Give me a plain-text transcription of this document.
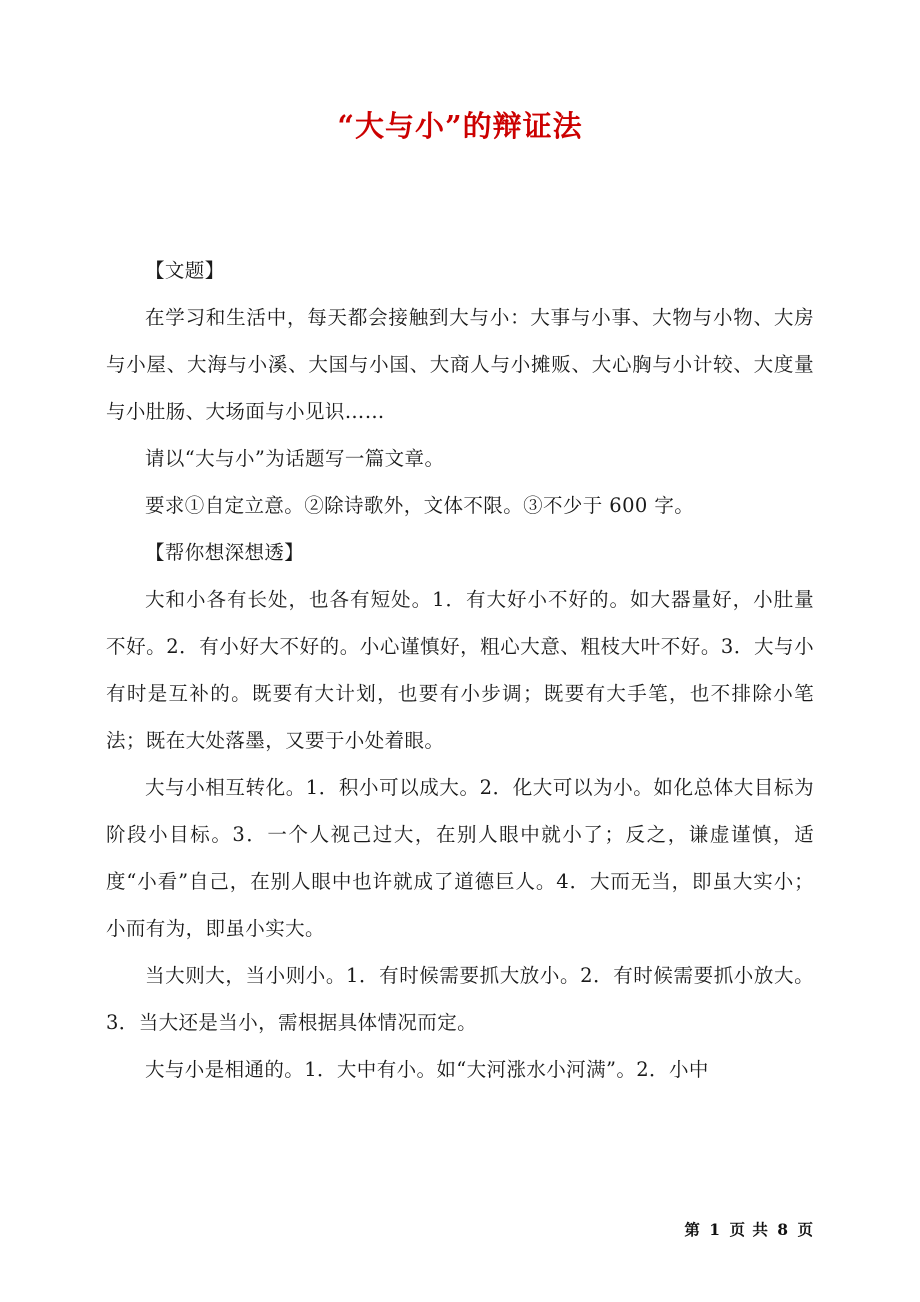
“大与小”的辩证法

【文题】

在学习和生活中，每天都会接触到大与小：大事与小事、大物与小物、大房与小屋、大海与小溪、大国与小国、大商人与小摊贩、大心胸与小计较、大度量与小肚肠、大场面与小见识……

请以“大与小”为话题写一篇文章。

要求①自定立意。②除诗歌外，文体不限。③不少于 600 字。

【帮你想深想透】

大和小各有长处，也各有短处。1．有大好小不好的。如大器量好，小肚量不好。2．有小好大不好的。小心谨慎好，粗心大意、粗枝大叶不好。3．大与小有时是互补的。既要有大计划，也要有小步调；既要有大手笔，也不排除小笔法；既在大处落墨，又要于小处着眼。

大与小相互转化。1．积小可以成大。2．化大可以为小。如化总体大目标为阶段小目标。3．一个人视己过大，在别人眼中就小了；反之，谦虚谨慎，适度“小看”自己，在别人眼中也许就成了道德巨人。4．大而无当，即虽大实小；小而有为，即虽小实大。

当大则大，当小则小。1．有时候需要抓大放小。2．有时候需要抓小放大。3．当大还是当小，需根据具体情况而定。

大与小是相通的。1．大中有小。如“大河涨水小河满”。2．小中

第 1 页 共 8 页
